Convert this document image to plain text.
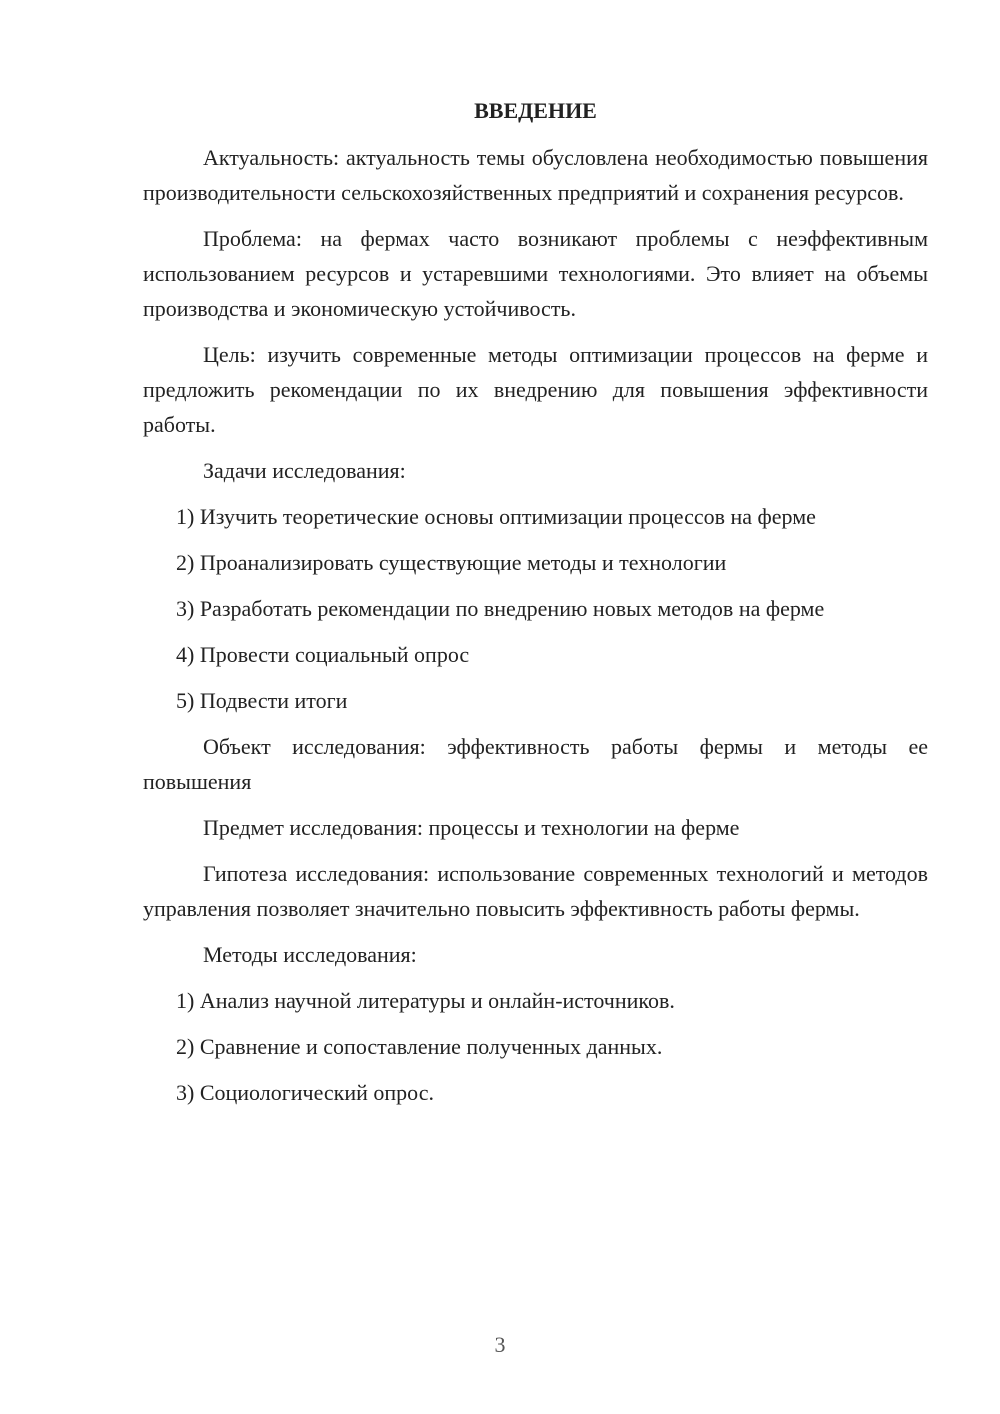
ВВЕДЕНИЕ

Актуальность: актуальность темы обусловлена необходимостью повышения производительности сельскохозяйственных предприятий и сохранения ресурсов.

Проблема: на фермах часто возникают проблемы с неэффективным использованием ресурсов и устаревшими технологиями. Это влияет на объемы производства и экономическую устойчивость.

Цель: изучить современные методы оптимизации процессов на ферме и предложить рекомендации по их внедрению для повышения эффективности работы.

Задачи исследования:

1) Изучить теоретические основы оптимизации процессов на ферме
2) Проанализировать существующие методы и технологии
3) Разработать рекомендации по внедрению новых методов на ферме
4) Провести социальный опрос
5) Подвести итоги

Объект исследования: эффективность работы фермы и методы ее повышения

Предмет исследования: процессы и технологии на ферме

Гипотеза исследования: использование современных технологий и методов управления позволяет значительно повысить эффективность работы фермы.

Методы исследования:

1) Анализ научной литературы и онлайн-источников.
2) Сравнение и сопоставление полученных данных.
3) Социологический опрос.
3
